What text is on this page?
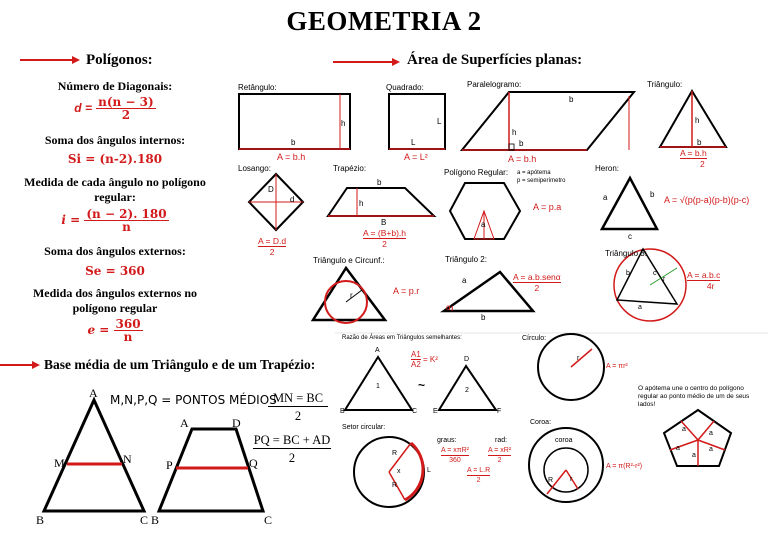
GEOMETRIA 2
Polígonos:
Número de Diagonais:
$d = \frac{n(n - 3)}{2}$
Soma dos ângulos internos:
Si = (n-2).180
Medida de cada ângulo no polígono regular:
$i = \frac{(n - 2). 180}{n}$
Soma dos ângulos externos:
Se = 360
Medida dos ângulos externos no polígono regular
$e = \frac{360}{n}$
Base média de um Triângulo e de um Trapézio:
M,N,P,Q = PONTOS MÉDIOS
MN = BC
2
PQ = BC + AD
2
A
B	C
M	N
A	D
B	C
P	Q
Área de Superfícies planas:
Retângulo:
b
h
A = b.h
Quadrado:
L
L
A = L²
Paralelogramo:
b
b
h
A = b.h
Triângulo:
h
b
A = b.h
2
Losango:
D
d
A = D.d
2
Trapézio:
b
h
B
A = (B+b).h
2
Polígono Regular: a = apótema
p = semiperímetro
a
A = p.a
Heron:
a	b
c
A = √(p(p-a)(p-b)(p-c)
Triângulo e Circunf.:
r	A = p.r
Triângulo 2:
a
b
α
A = a.b.senα
2
Triângulo 3:
b	c
a
r	A = a.b.c
4r
Razão de Áreas em Triângulos semelhantes:
$\frac{A1}{A2} = K^2$
A
B	C
1
D
E	F
2
~
Círculo:
r
A = πr²
Setor circular:
R
R
x	L
graus:
A = xπR²
360
rad:
A = xR²
2
A = L.R
2
Coroa:
coroa
R r
A = π(R²-r²)
O apótema une o centro do polígono regular ao ponto médio de um de seus lados!
a
a
a
a
a
